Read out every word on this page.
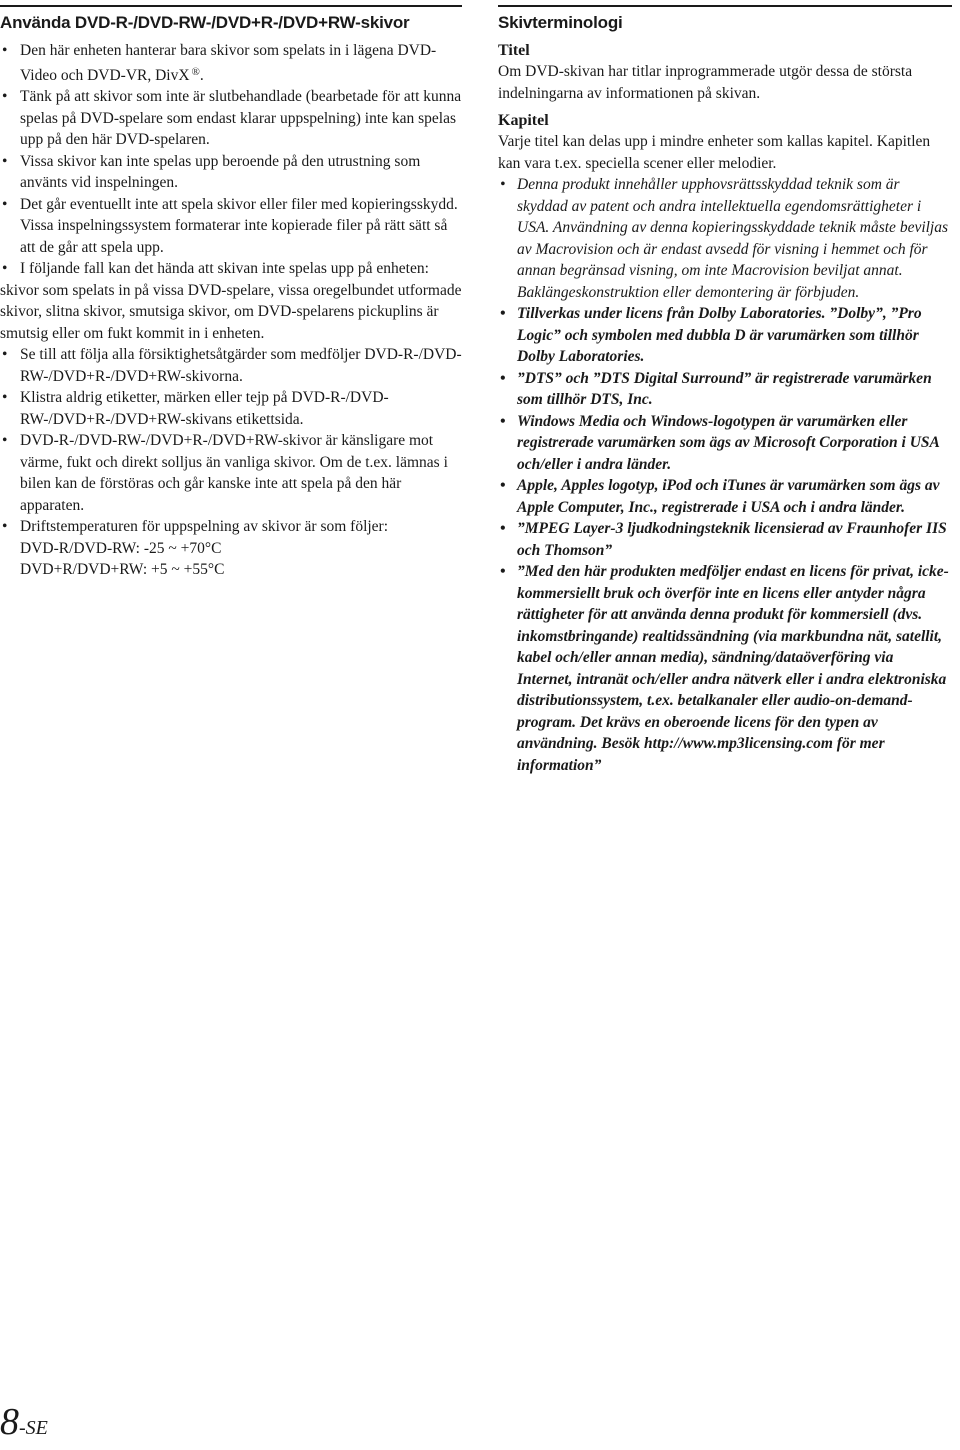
Använda DVD-R-/DVD-RW-/DVD+R-/DVD+RW-skivor
• Den här enheten hanterar bara skivor som spelats in i lägena DVD-Video och DVD-VR, DivX ®.
• Tänk på att skivor som inte är slutbehandlade (bearbetade för att kunna spelas på DVD-spelare som endast klarar uppspelning) inte kan spelas upp på den här DVD-spelaren.
• Vissa skivor kan inte spelas upp beroende på den utrustning som använts vid inspelningen.
• Det går eventuellt inte att spela skivor eller filer med kopieringsskydd. Vissa inspelningssystem formaterar inte kopierade filer på rätt sätt så att de går att spela upp.
• I följande fall kan det hända att skivan inte spelas upp på enheten:
skivor som spelats in på vissa DVD-spelare, vissa oregelbundet utformade skivor, slitna skivor, smutsiga skivor, om DVD-spelarens pickuplins är smutsig eller om fukt kommit in i enheten.
• Se till att följa alla försiktighetsåtgärder som medföljer DVD-R-/DVD-RW-/DVD+R-/DVD+RW-skivorna.
• Klistra aldrig etiketter, märken eller tejp på DVD-R-/DVD-RW-/DVD+R-/DVD+RW-skivans etikettsida.
• DVD-R-/DVD-RW-/DVD+R-/DVD+RW-skivor är känsligare mot värme, fukt och direkt solljus än vanliga skivor. Om de t.ex. lämnas i bilen kan de förstöras och går kanske inte att spela på den här apparaten.
• Driftstemperaturen för uppspelning av skivor är som följer:
DVD-R/DVD-RW: -25 ~ +70°C
DVD+R/DVD+RW: +5 ~ +55°C
Skivterminologi
Titel
Om DVD-skivan har titlar inprogrammerade utgör dessa de största indelningarna av informationen på skivan.
Kapitel
Varje titel kan delas upp i mindre enheter som kallas kapitel. Kapitlen kan vara t.ex. speciella scener eller melodier.
• Denna produkt innehåller upphovsrättsskyddad teknik som är skyddad av patent och andra intellektuella egendomsrättigheter i USA. Användning av denna kopieringsskyddade teknik måste beviljas av Macrovision och är endast avsedd för visning i hemmet och för annan begränsad visning, om inte Macrovision beviljat annat. Baklängeskonstruktion eller demontering är förbjuden.
• Tillverkas under licens från Dolby Laboratories. ”Dolby”, ”Pro Logic” och symbolen med dubbla D är varumärken som tillhör Dolby Laboratories.
• ”DTS” och ”DTS Digital Surround” är registrerade varumärken som tillhör DTS, Inc.
• Windows Media och Windows-logotypen är varumärken eller registrerade varumärken som ägs av Microsoft Corporation i USA och/eller i andra länder.
• Apple, Apples logotyp, iPod och iTunes är varumärken som ägs av Apple Computer, Inc., registrerade i USA och i andra länder.
• ”MPEG Layer-3 ljudkodningsteknik licensierad av Fraunhofer IIS och Thomson”
• ”Med den här produkten medföljer endast en licens för privat, icke-kommersiellt bruk och överför inte en licens eller antyder några rättigheter för att använda denna produkt för kommersiell (dvs. inkomstbringande) realtidssändning (via markbundna nät, satellit, kabel och/eller annan media), sändning/dataöverföring via Internet, intranät och/eller andra nätverk eller i andra elektroniska distributionssystem, t.ex. betalkanaler eller audio-on-demand-program. Det krävs en oberoende licens för den typen av användning. Besök http://www.mp3licensing.com för mer information”
8-SE
